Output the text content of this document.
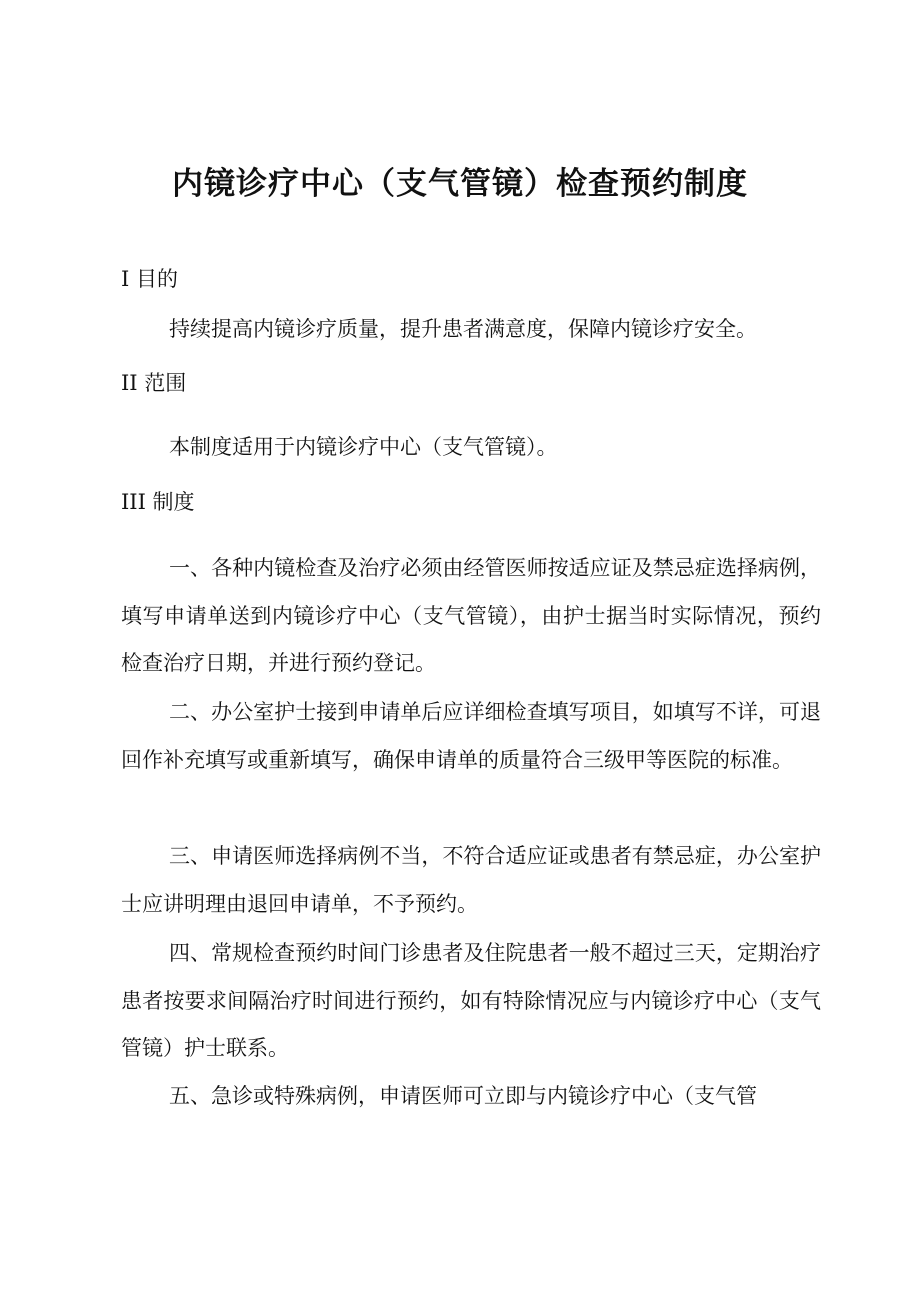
内镜诊疗中心（支气管镜）检查预约制度
I 目的
持续提高内镜诊疗质量，提升患者满意度，保障内镜诊疗安全。
II 范围
本制度适用于内镜诊疗中心（支气管镜）。
III 制度
一、各种内镜检查及治疗必须由经管医师按适应证及禁忌症选择病例，填写申请单送到内镜诊疗中心（支气管镜），由护士据当时实际情况，预约检查治疗日期，并进行预约登记。
二、办公室护士接到申请单后应详细检查填写项目，如填写不详，可退回作补充填写或重新填写，确保申请单的质量符合三级甲等医院的标准。
三、申请医师选择病例不当，不符合适应证或患者有禁忌症，办公室护士应讲明理由退回申请单，不予预约。
四、常规检查预约时间门诊患者及住院患者一般不超过三天，定期治疗患者按要求间隔治疗时间进行预约，如有特除情况应与内镜诊疗中心（支气管镜）护士联系。
五、急诊或特殊病例，申请医师可立即与内镜诊疗中心（支气管
